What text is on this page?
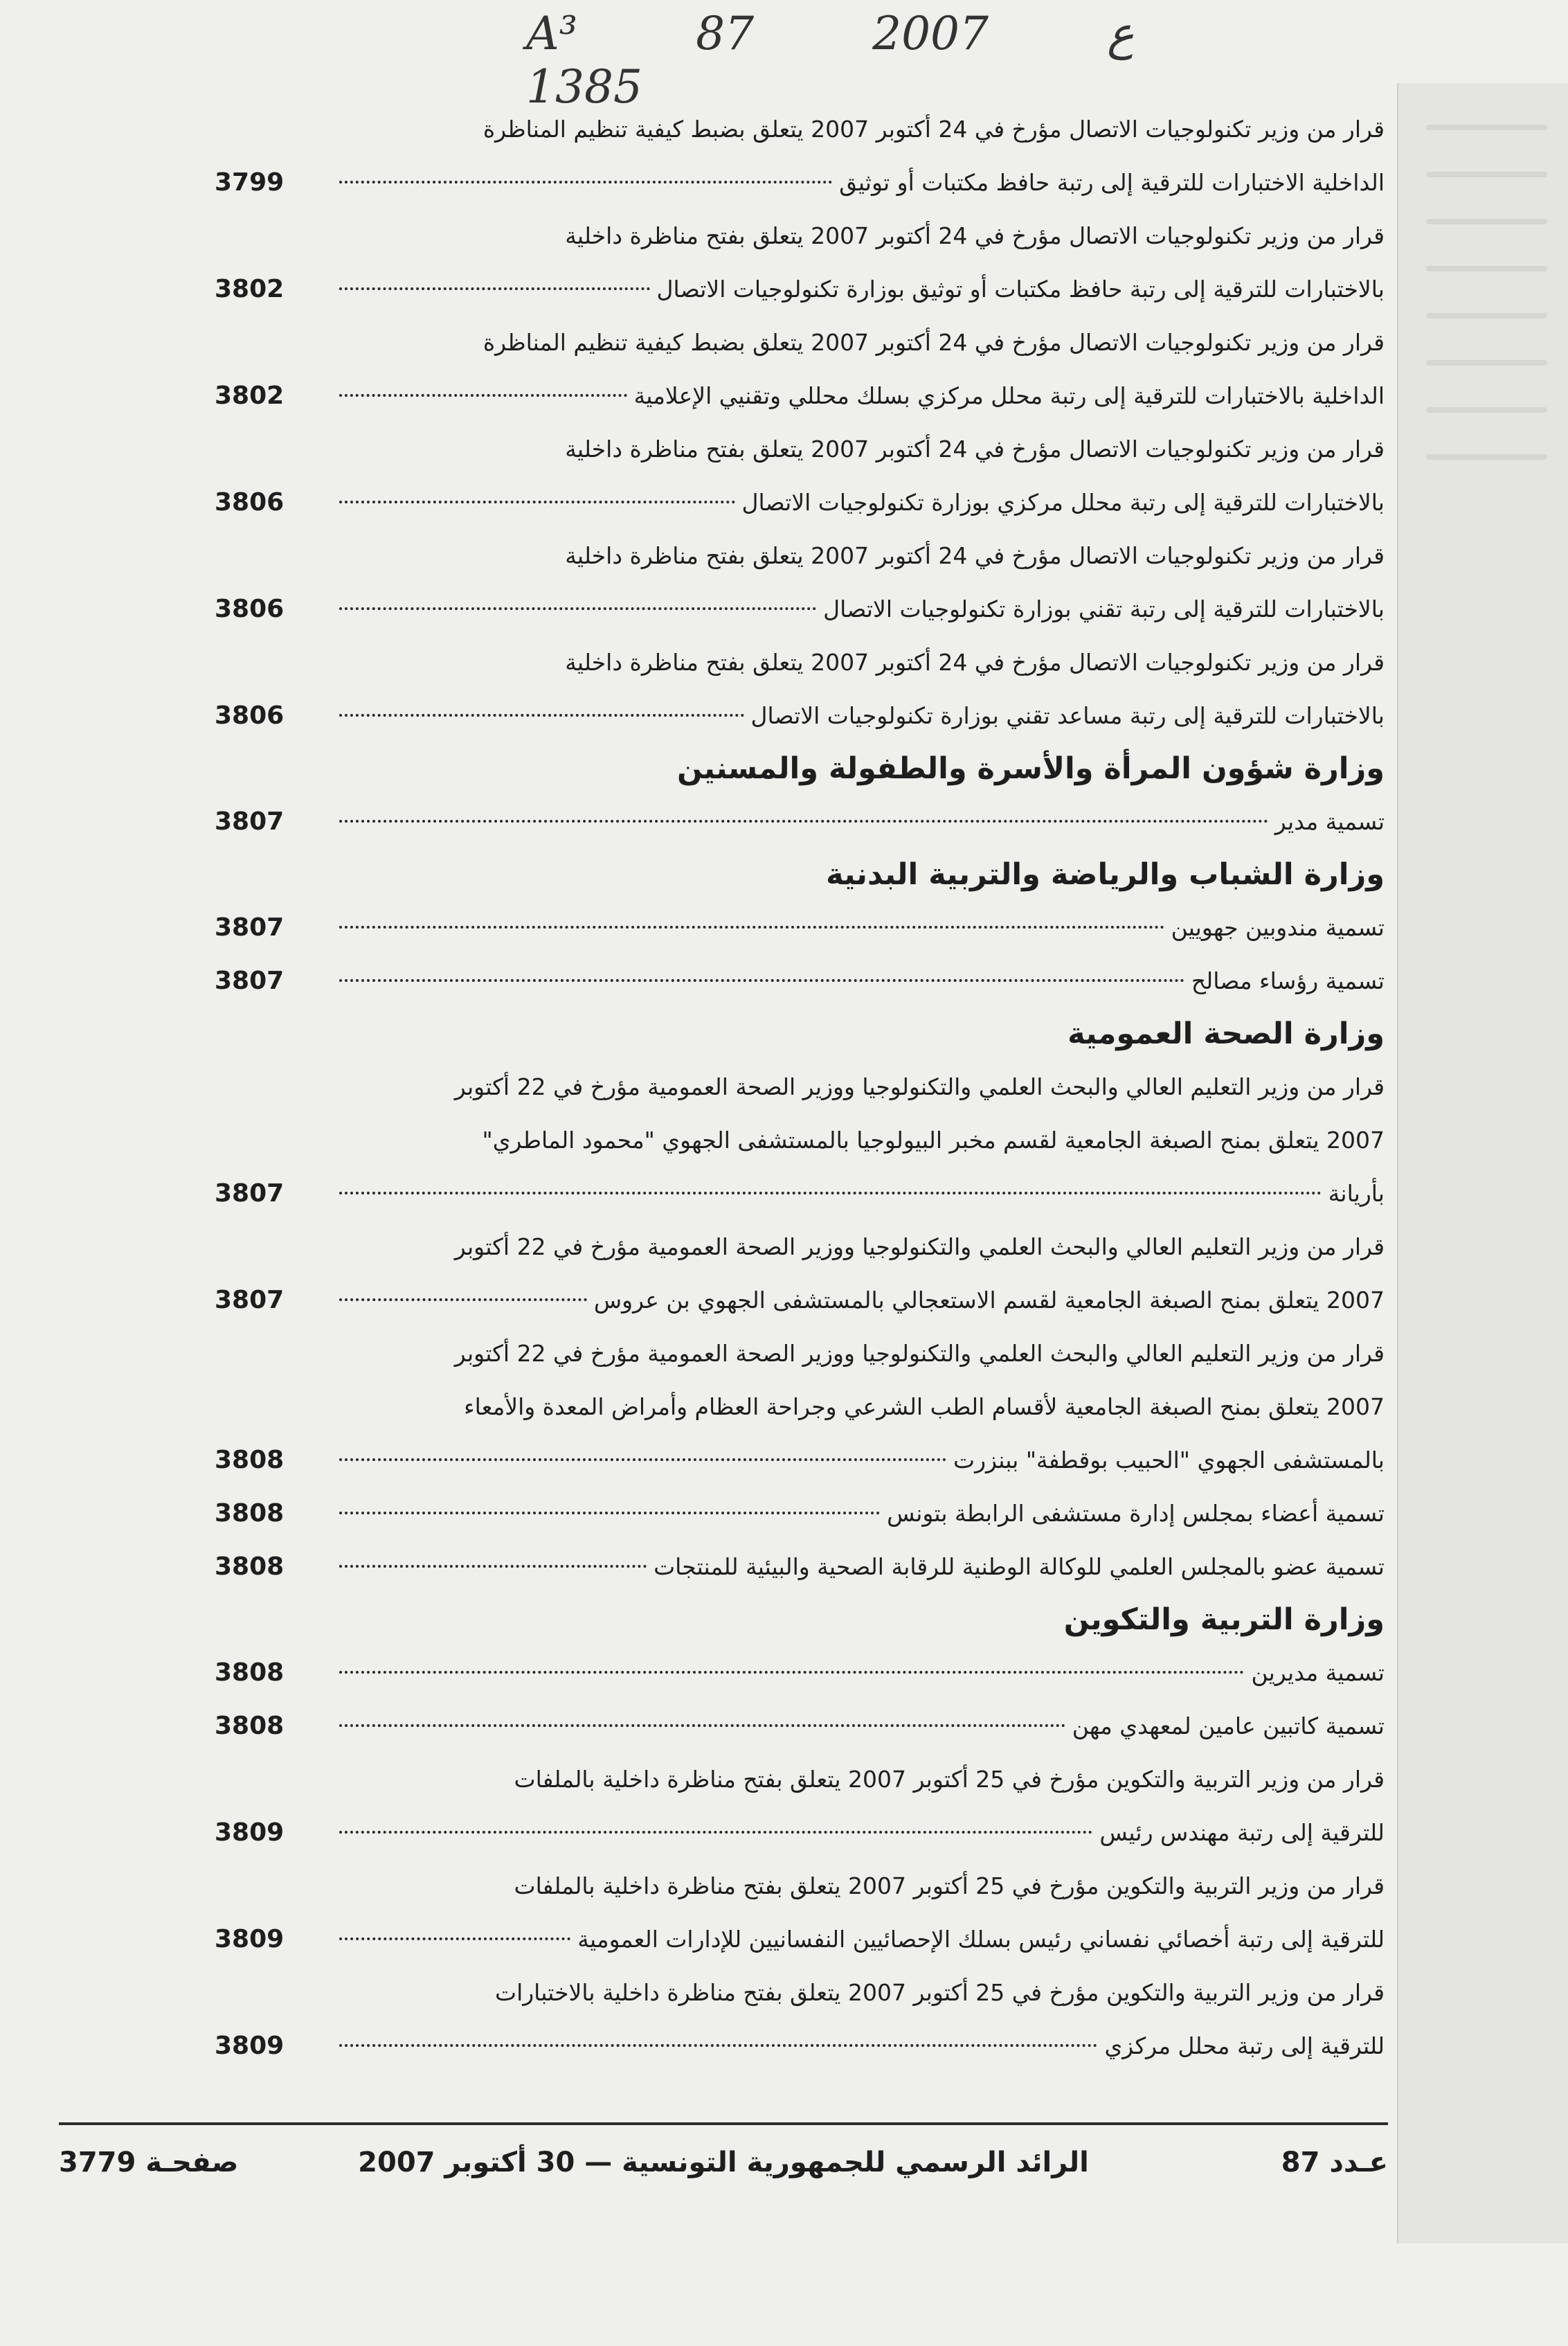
A³	87	ع 2007 1385
قرار من وزير تكنولوجيات الاتصال مؤرخ في 24 أكتوبر 2007 يتعلق بضبط كيفية تنظيم المناظرة
الداخلية الاختبارات للترقية إلى رتبة حافظ مكتبات أو توثيق
3799
قرار من وزير تكنولوجيات الاتصال مؤرخ في 24 أكتوبر 2007 يتعلق بفتح مناظرة داخلية
بالاختبارات للترقية إلى رتبة حافظ مكتبات أو توثيق بوزارة تكنولوجيات الاتصال
3802
قرار من وزير تكنولوجيات الاتصال مؤرخ في 24 أكتوبر 2007 يتعلق بضبط كيفية تنظيم المناظرة
الداخلية بالاختبارات للترقية إلى رتبة محلل مركزي بسلك محللي وتقنيي الإعلامية
3802
قرار من وزير تكنولوجيات الاتصال مؤرخ في 24 أكتوبر 2007 يتعلق بفتح مناظرة داخلية
بالاختبارات للترقية إلى رتبة محلل مركزي بوزارة تكنولوجيات الاتصال
3806
قرار من وزير تكنولوجيات الاتصال مؤرخ في 24 أكتوبر 2007 يتعلق بفتح مناظرة داخلية
بالاختبارات للترقية إلى رتبة تقني بوزارة تكنولوجيات الاتصال
3806
قرار من وزير تكنولوجيات الاتصال مؤرخ في 24 أكتوبر 2007 يتعلق بفتح مناظرة داخلية
بالاختبارات للترقية إلى رتبة مساعد تقني بوزارة تكنولوجيات الاتصال
3806
وزارة شؤون المرأة والأسرة والطفولة والمسنين
تسمية مدير
3807
وزارة الشباب والرياضة والتربية البدنية
تسمية مندوبين جهويين
3807
تسمية رؤساء مصالح
3807
وزارة الصحة العمومية
قرار من وزير التعليم العالي والبحث العلمي والتكنولوجيا ووزير الصحة العمومية مؤرخ في 22 أكتوبر
2007 يتعلق بمنح الصبغة الجامعية لقسم مخبر البيولوجيا بالمستشفى الجهوي "محمود الماطري"
بأريانة
3807
قرار من وزير التعليم العالي والبحث العلمي والتكنولوجيا ووزير الصحة العمومية مؤرخ في 22 أكتوبر
2007 يتعلق بمنح الصبغة الجامعية لقسم الاستعجالي بالمستشفى الجهوي بن عروس
3807
قرار من وزير التعليم العالي والبحث العلمي والتكنولوجيا ووزير الصحة العمومية مؤرخ في 22 أكتوبر
2007 يتعلق بمنح الصبغة الجامعية لأقسام الطب الشرعي وجراحة العظام وأمراض المعدة والأمعاء
بالمستشفى الجهوي "الحبيب بوقطفة" ببنزرت
3808
تسمية أعضاء بمجلس إدارة مستشفى الرابطة بتونس
3808
تسمية عضو بالمجلس العلمي للوكالة الوطنية للرقابة الصحية والبيئية للمنتجات
3808
وزارة التربية والتكوين
تسمية مديرين
3808
تسمية كاتبين عامين لمعهدي مهن
3808
قرار من وزير التربية والتكوين مؤرخ في 25 أكتوبر 2007 يتعلق بفتح مناظرة داخلية بالملفات
للترقية إلى رتبة مهندس رئيس
3809
قرار من وزير التربية والتكوين مؤرخ في 25 أكتوبر 2007 يتعلق بفتح مناظرة داخلية بالملفات
للترقية إلى رتبة أخصائي نفساني رئيس بسلك الإحصائيين النفسانيين للإدارات العمومية
3809
قرار من وزير التربية والتكوين مؤرخ في 25 أكتوبر 2007 يتعلق بفتح مناظرة داخلية بالاختبارات
للترقية إلى رتبة محلل مركزي
3809
عـدد 87
الرائد الرسمي للجمهورية التونسية — 30 أكتوبر 2007
صفحـة 3779
